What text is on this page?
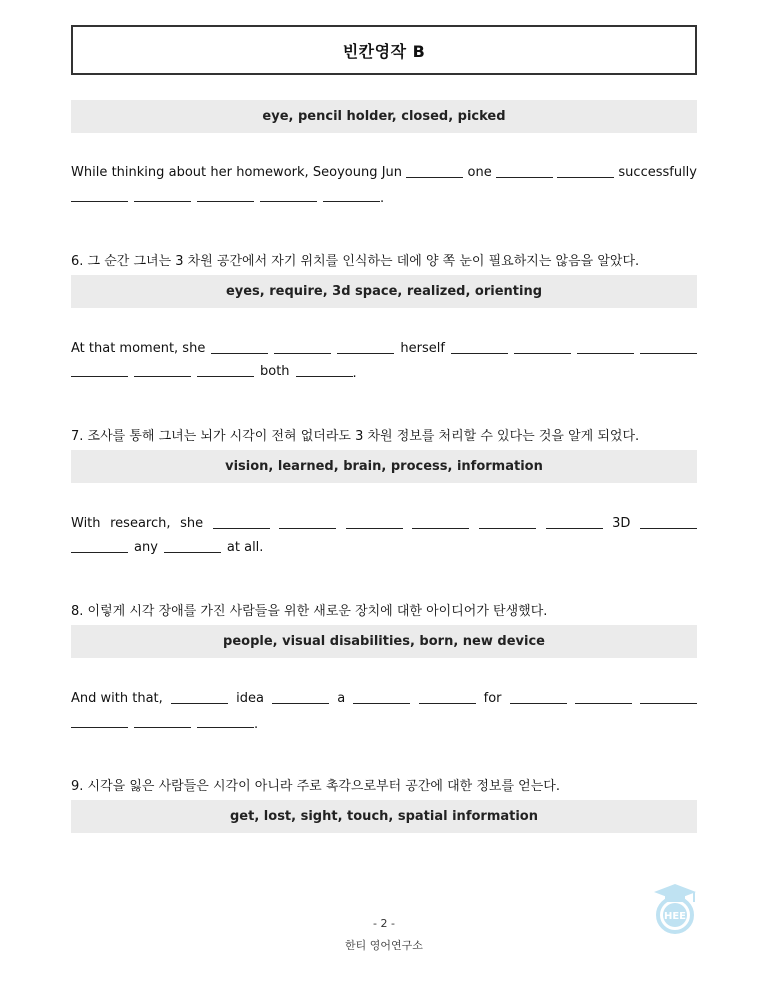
빈칸영작 B
eye, pencil holder, closed, picked
While thinking about her homework, Seoyoung Jun	one	successfully
.
6. 그 순간 그녀는 3 차원 공간에서 자기 위치를 인식하는 데에 양 쪽 눈이 필요하지는 않음을 알았다.
eyes, require, 3d space, realized, orienting
At that moment, she	herself
both	.
7. 조사를 통해 그녀는 뇌가 시각이 전혀 없더라도 3 차원 정보를 처리할 수 있다는 것을 알게 되었다.
vision, learned, brain, process, information
With research, she	3D
any	at all.
8. 이렇게 시각 장애를 가진 사람들을 위한 새로운 장치에 대한 아이디어가 탄생했다.
people, visual disabilities, born, new device
And with that,	idea	a	for
.
9. 시각을 잃은 사람들은 시각이 아니라 주로 촉각으로부터 공간에 대한 정보를 얻는다.
get, lost, sight, touch, spatial information
- 2 -
한티 영어연구소
HEE
